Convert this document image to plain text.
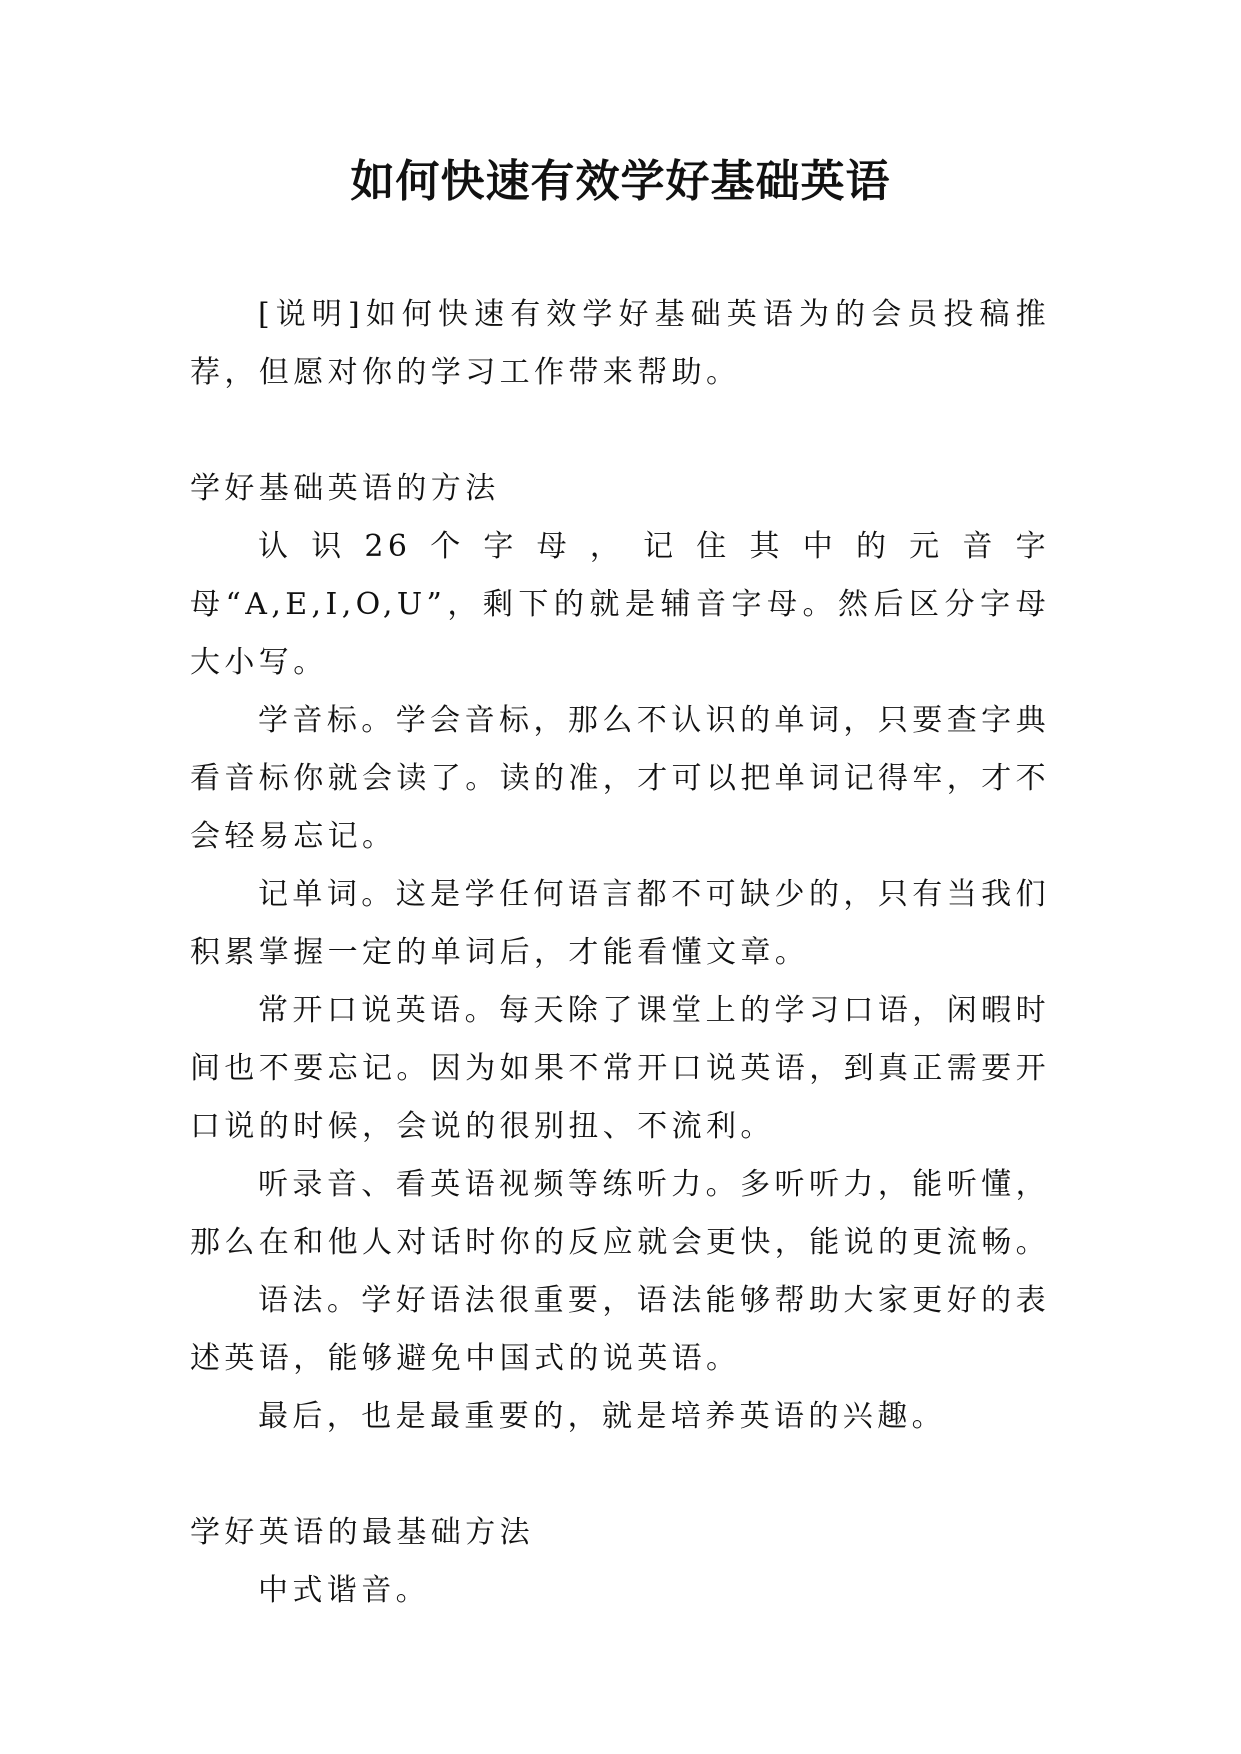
如何快速有效学好基础英语

[说明]如何快速有效学好基础英语为的会员投稿推荐，但愿对你的学习工作带来帮助。

学好基础英语的方法

认识26个字母，记住其中的元音字母“A,E,I,O,U”，剩下的就是辅音字母。然后区分字母大小写。

学音标。学会音标，那么不认识的单词，只要查字典看音标你就会读了。读的准，才可以把单词记得牢，才不会轻易忘记。

记单词。这是学任何语言都不可缺少的，只有当我们积累掌握一定的单词后，才能看懂文章。

常开口说英语。每天除了课堂上的学习口语，闲暇时间也不要忘记。因为如果不常开口说英语，到真正需要开口说的时候，会说的很别扭、不流利。

听录音、看英语视频等练听力。多听听力，能听懂，那么在和他人对话时你的反应就会更快，能说的更流畅。

语法。学好语法很重要，语法能够帮助大家更好的表述英语，能够避免中国式的说英语。

最后，也是最重要的，就是培养英语的兴趣。

学好英语的最基础方法

中式谐音。
